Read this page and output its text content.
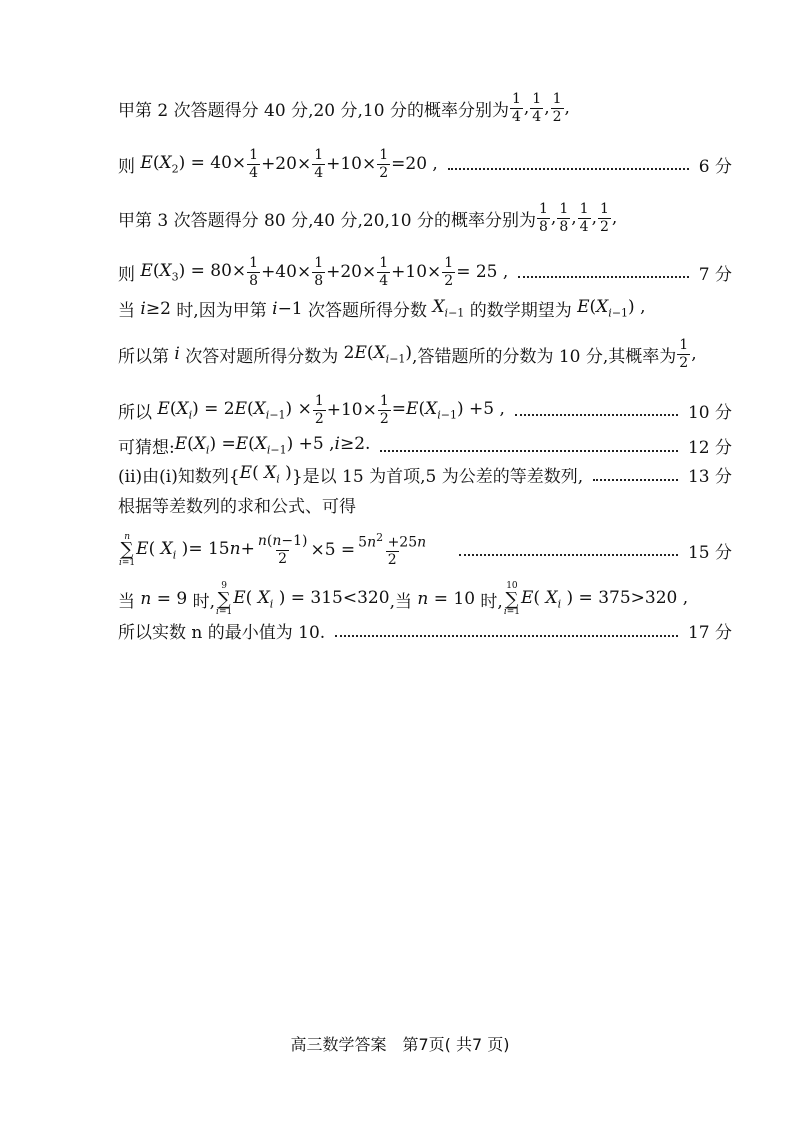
甲第 2 次答题得分 40 分,20 分,10 分的概率分别为 $\frac{1}{4}$ , $\frac{1}{4}$ , $\frac{1}{2}$ ,
则 $E(X_2) = 40\times \frac{1}{4} +20\times \frac{1}{4} +10\times \frac{1}{2} =20$ ,	6 分
甲第 3 次答题得分 80 分,40 分,20,10 分的概率分别为 $\frac{1}{8}$ , $\frac{1}{8}$ , $\frac{1}{4}$ , $\frac{1}{2}$ ,
则 $E(X_3) = 80\times \frac{1}{8} +40\times \frac{1}{8} +20\times \frac{1}{4} +10\times \frac{1}{2} = 25$ ,	7 分
当 i≥2 时,因为甲第 i−1 次答题所得分数 $X_{i-1}$ 的数学期望为 $E(X_{i-1})$ ,
所以第 i 次答对题所得分数为 $2E(X_{i-1})$ ,答错题所的分数为 10 分,其概率为 $\frac{1}{2}$ ,
所以 $E(X_i) = 2E(X_{i-1}) \times \frac{1}{2} +10\times \frac{1}{2} =E(X_{i-1}) +5$ ,	10 分
可猜想: $E(X_i) =E(X_{i-1}) +5$ ,i≥2.	12 分
(ii)由(i)知数列{ E( $X_i$ ) }是以 15 为首项,5 为公差的等差数列,	13 分
根据等差数列的求和公式、可得
n
∑
i=1
E( $X_i$ )= $15n+ \frac{n(n-1)}{2} \times 5 = \frac{5n^2 +25n}{2}$	15 分
当 n = 9 时,
9
∑
i=1
E( $X_i$ ) = 315<320 ,当 n = 10 时,
10
∑
i=1
E( $X_i$ ) = 375>320 ,
所以实数 n 的最小值为 10.	17 分
高三数学答案　第7页( 共7 页)
